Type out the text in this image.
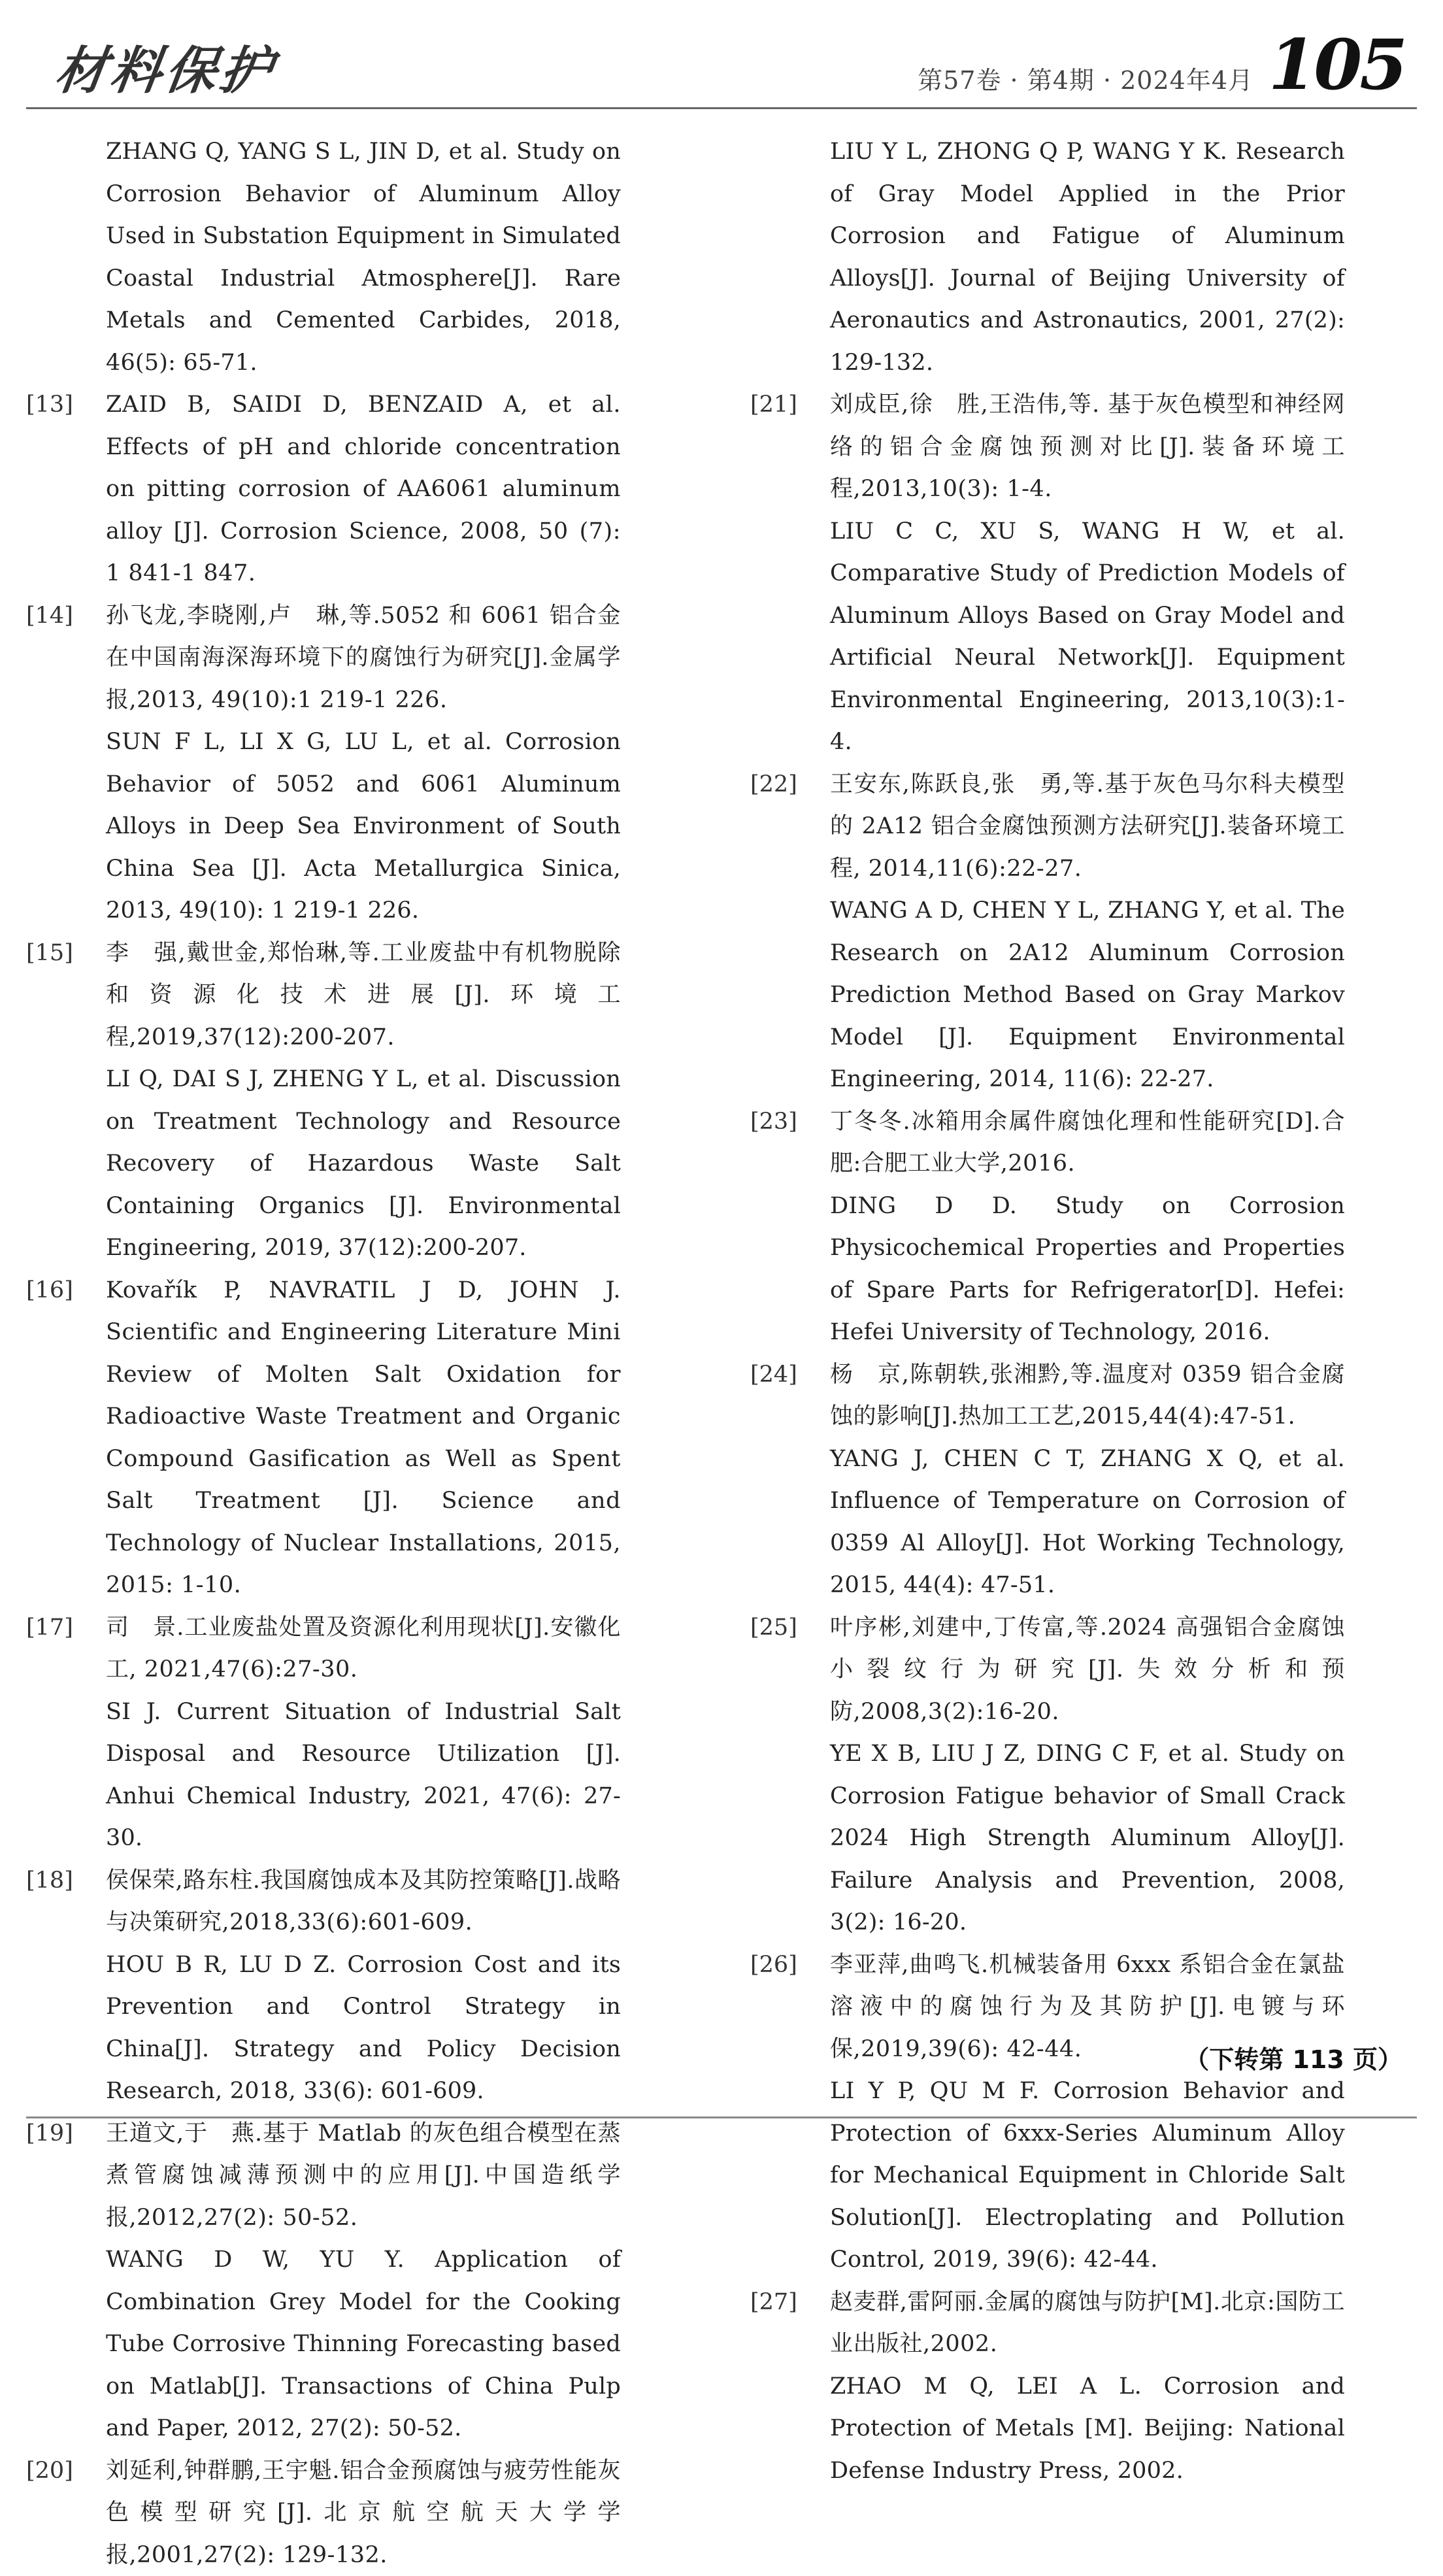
材料保护	第57卷 · 第4期 · 2024年4月 105
ZHANG Q, YANG S L, JIN D, et al. Study on Corrosion Behavior of Aluminum Alloy Used in Substation Equipment in Simulated Coastal Industrial Atmosphere[J]. Rare Metals and Cemented Carbides, 2018, 46(5): 65-71.
[13]	ZAID B, SAIDI D, BENZAID A, et al. Effects of pH and chloride concentration on pitting corrosion of AA6061 aluminum alloy [J]. Corrosion Science, 2008, 50 (7): 1 841-1 847.
[14]	孙飞龙,李晓刚,卢　琳,等.5052 和 6061 铝合金在中国南海深海环境下的腐蚀行为研究[J].金属学报,2013, 49(10):1 219-1 226.
SUN F L, LI X G, LU L, et al. Corrosion Behavior of 5052 and 6061 Aluminum Alloys in Deep Sea Environment of South China Sea [J]. Acta Metallurgica Sinica, 2013, 49(10): 1 219-1 226.
[15]	李　强,戴世金,郑怡琳,等.工业废盐中有机物脱除和资源化技术进展[J].环境工程,2019,37(12):200-207.
LI Q, DAI S J, ZHENG Y L, et al. Discussion on Treatment Technology and Resource Recovery of Hazardous Waste Salt Containing Organics [J]. Environmental Engineering, 2019, 37(12):200-207.
[16]	Kovařík P, NAVRATIL J D, JOHN J. Scientific and Engineering Literature Mini Review of Molten Salt Oxidation for Radioactive Waste Treatment and Organic Compound Gasification as Well as Spent Salt Treatment [J]. Science and Technology of Nuclear Installations, 2015, 2015: 1-10.
[17]	司　景.工业废盐处置及资源化利用现状[J].安徽化工, 2021,47(6):27-30.
SI J. Current Situation of Industrial Salt Disposal and Resource Utilization [J]. Anhui Chemical Industry, 2021, 47(6): 27-30.
[18]	侯保荣,路东柱.我国腐蚀成本及其防控策略[J].战略与决策研究,2018,33(6):601-609.
HOU B R, LU D Z. Corrosion Cost and its Prevention and Control Strategy in China[J]. Strategy and Policy Decision Research, 2018, 33(6): 601-609.
[19]	王道文,于　燕.基于 Matlab 的灰色组合模型在蒸煮管腐蚀减薄预测中的应用[J].中国造纸学报,2012,27(2): 50-52.
WANG D W, YU Y. Application of Combination Grey Model for the Cooking Tube Corrosive Thinning Forecasting based on Matlab[J]. Transactions of China Pulp and Paper, 2012, 27(2): 50-52.
[20]	刘延利,钟群鹏,王宇魁.铝合金预腐蚀与疲劳性能灰色模型研究[J].北京航空航天大学学报,2001,27(2): 129-132.
LIU Y L, ZHONG Q P, WANG Y K. Research of Gray Model Applied in the Prior Corrosion and Fatigue of Aluminum Alloys[J]. Journal of Beijing University of Aeronautics and Astronautics, 2001, 27(2): 129-132.
[21]	刘成臣,徐　胜,王浩伟,等. 基于灰色模型和神经网络的铝合金腐蚀预测对比[J].装备环境工程,2013,10(3): 1-4.
LIU C C, XU S, WANG H W, et al. Comparative Study of Prediction Models of Aluminum Alloys Based on Gray Model and Artificial Neural Network[J]. Equipment Environmental Engineering, 2013,10(3):1-4.
[22]	王安东,陈跃良,张　勇,等.基于灰色马尔科夫模型的 2A12 铝合金腐蚀预测方法研究[J].装备环境工程, 2014,11(6):22-27.
WANG A D, CHEN Y L, ZHANG Y, et al. The Research on 2A12 Aluminum Corrosion Prediction Method Based on Gray Markov Model [J]. Equipment Environmental Engineering, 2014, 11(6): 22-27.
[23]	丁冬冬.冰箱用余属件腐蚀化理和性能研究[D].合肥:合肥工业大学,2016.
DING D D. Study on Corrosion Physicochemical Properties and Properties of Spare Parts for Refrigerator[D]. Hefei: Hefei University of Technology, 2016.
[24]	杨　京,陈朝轶,张湘黔,等.温度对 0359 铝合金腐蚀的影响[J].热加工工艺,2015,44(4):47-51.
YANG J, CHEN C T, ZHANG X Q, et al. Influence of Temperature on Corrosion of 0359 Al Alloy[J]. Hot Working Technology, 2015, 44(4): 47-51.
[25]	叶序彬,刘建中,丁传富,等.2024 高强铝合金腐蚀小裂纹行为研究[J].失效分析和预防,2008,3(2):16-20.
YE X B, LIU J Z, DING C F, et al. Study on Corrosion Fatigue behavior of Small Crack 2024 High Strength Aluminum Alloy[J]. Failure Analysis and Prevention, 2008, 3(2): 16-20.
[26]	李亚萍,曲鸣飞.机械装备用 6xxx 系铝合金在氯盐溶液中的腐蚀行为及其防护[J].电镀与环保,2019,39(6): 42-44.
LI Y P, QU M F. Corrosion Behavior and Protection of 6xxx-Series Aluminum Alloy for Mechanical Equipment in Chloride Salt Solution[J]. Electroplating and Pollution Control, 2019, 39(6): 42-44.
[27]	赵麦群,雷阿丽.金属的腐蚀与防护[M].北京:国防工业出版社,2002.
ZHAO M Q, LEI A L. Corrosion and Protection of Metals [M]. Beijing: National Defense Industry Press, 2002.
（下转第 113 页）
